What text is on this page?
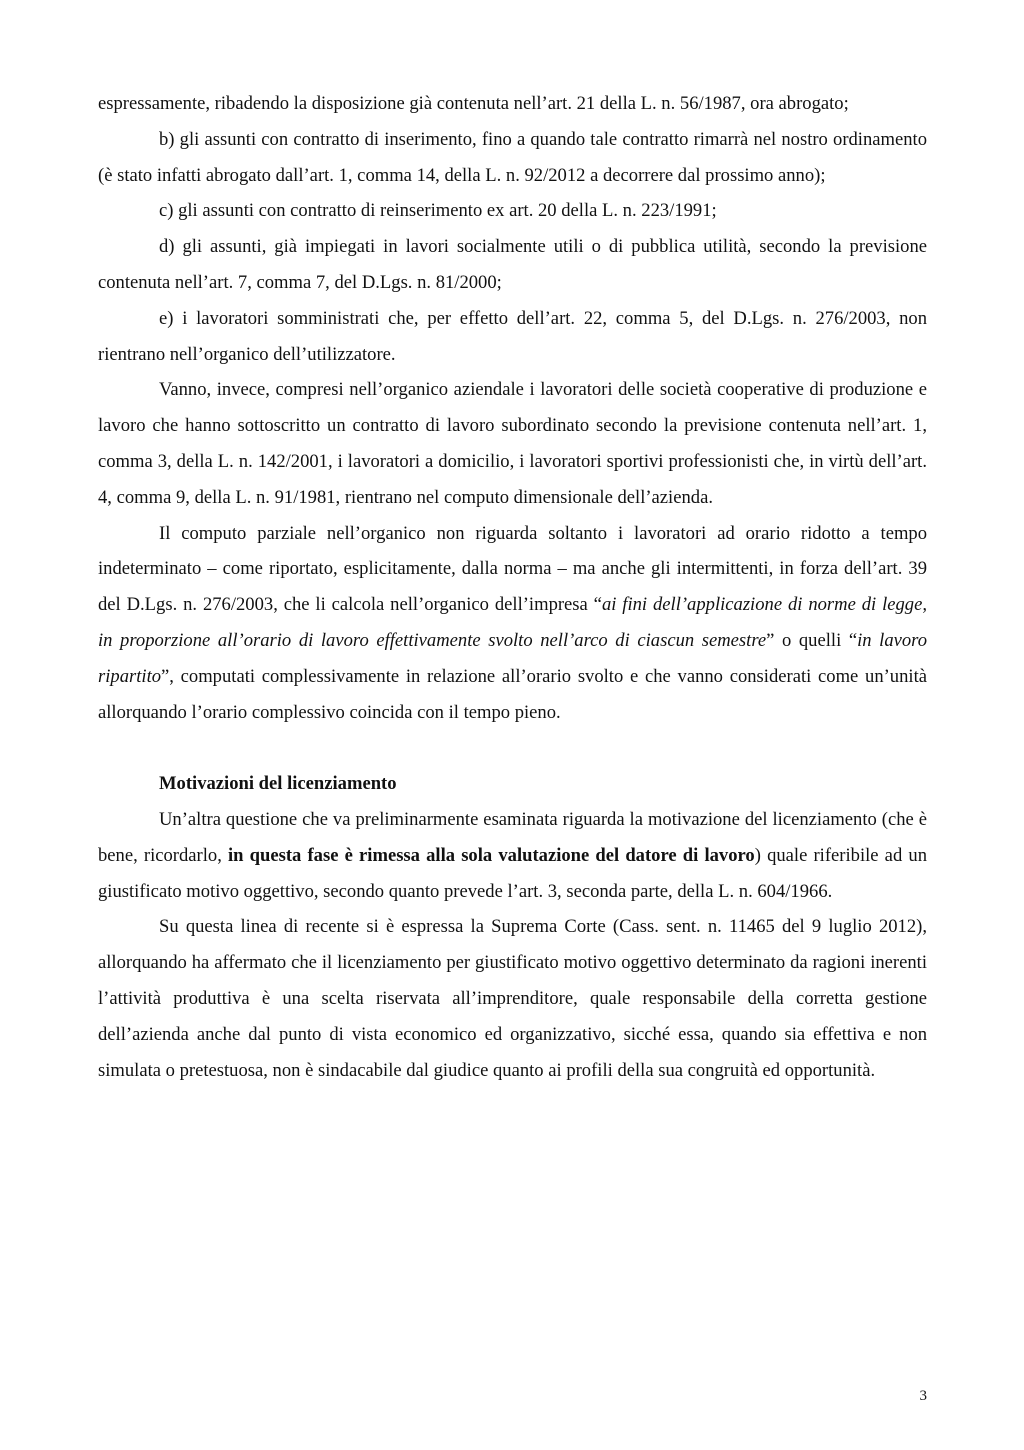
espressamente, ribadendo la disposizione già contenuta nell’art. 21 della L. n. 56/1987, ora abrogato;

b) gli assunti con contratto di inserimento, fino a quando tale contratto rimarrà nel nostro ordinamento (è stato infatti abrogato dall’art. 1, comma 14, della L. n. 92/2012 a decorrere dal prossimo anno);

c) gli assunti con contratto di reinserimento ex art. 20 della L. n. 223/1991;

d) gli assunti, già impiegati in lavori socialmente utili o di pubblica utilità, secondo la previsione contenuta nell’art. 7, comma 7, del D.Lgs. n. 81/2000;

e) i lavoratori somministrati che, per effetto dell’art. 22, comma 5, del D.Lgs. n. 276/2003, non rientrano nell’organico dell’utilizzatore.

Vanno, invece, compresi nell’organico aziendale i lavoratori delle società cooperative di produzione e lavoro che hanno sottoscritto un contratto di lavoro subordinato secondo la previsione contenuta nell’art. 1, comma 3, della L. n. 142/2001, i lavoratori a domicilio, i lavoratori sportivi professionisti che, in virtù dell’art. 4, comma 9, della L. n. 91/1981, rientrano nel computo dimensionale dell’azienda.

Il computo parziale nell’organico non riguarda soltanto i lavoratori ad orario ridotto a tempo indeterminato – come riportato, esplicitamente, dalla norma – ma anche gli intermittenti, in forza dell’art. 39 del D.Lgs. n. 276/2003, che li calcola nell’organico dell’impresa “ai fini dell’applicazione di norme di legge, in proporzione all’orario di lavoro effettivamente svolto nell’arco di ciascun semestre” o quelli “in lavoro ripartito”, computati complessivamente in relazione all’orario svolto e che vanno considerati come un’unità allorquando l’orario complessivo coincida con il tempo pieno.

Motivazioni del licenziamento

Un’altra questione che va preliminarmente esaminata riguarda la motivazione del licenziamento (che è bene, ricordarlo, in questa fase è rimessa alla sola valutazione del datore di lavoro) quale riferibile ad un giustificato motivo oggettivo, secondo quanto prevede l’art. 3, seconda parte, della L. n. 604/1966.

Su questa linea di recente si è espressa la Suprema Corte (Cass. sent. n. 11465 del 9 luglio 2012), allorquando ha affermato che il licenziamento per giustificato motivo oggettivo determinato da ragioni inerenti l’attività produttiva è una scelta riservata all’imprenditore, quale responsabile della corretta gestione dell’azienda anche dal punto di vista economico ed organizzativo, sicché essa, quando sia effettiva e non simulata o pretestuosa, non è sindacabile dal giudice quanto ai profili della sua congruità ed opportunità.

3
